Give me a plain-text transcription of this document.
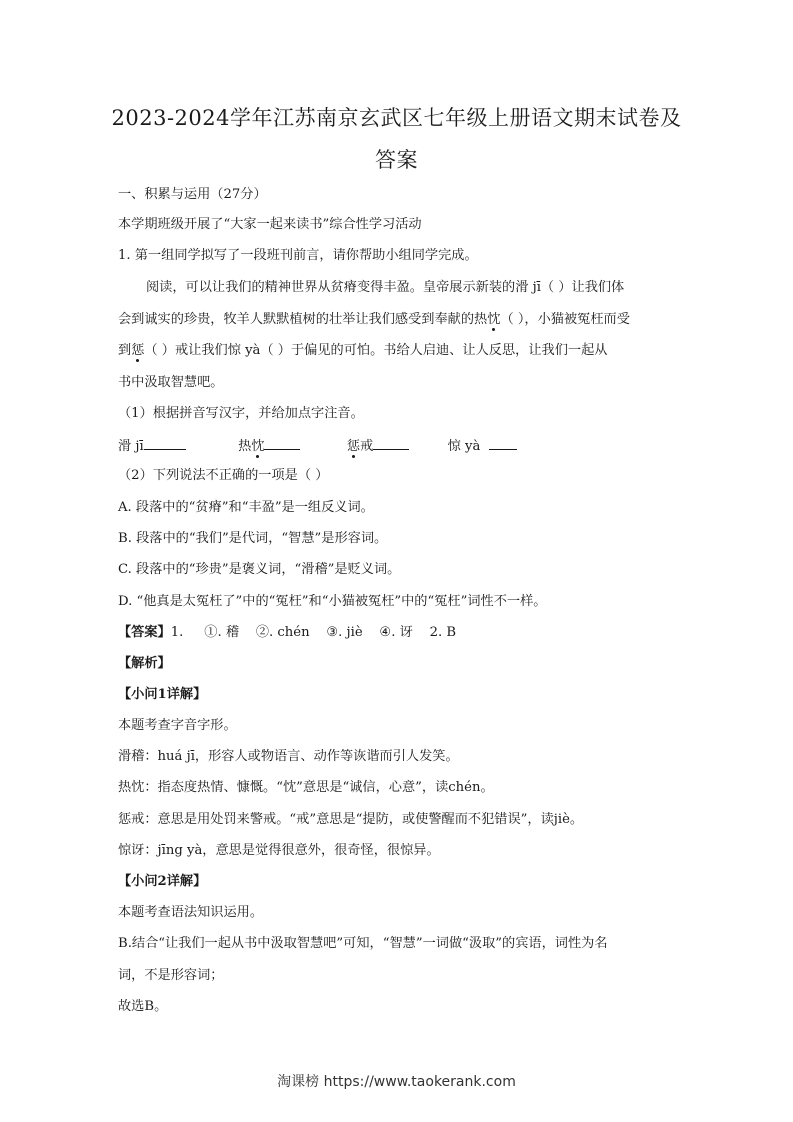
2023-2024学年江苏南京玄武区七年级上册语文期末试卷及
答案
一、积累与运用（27分）
本学期班级开展了“大家一起来读书”综合性学习活动
1. 第一组同学拟写了一段班刊前言，请你帮助小组同学完成。
阅读，可以让我们的精神世界从贫瘠变得丰盈。皇帝展示新装的滑 jī（ ）让我们体
会到诚实的珍贵，牧羊人默默植树的壮举让我们感受到奉献的热忱（ ），小猫被冤枉而受
到惩（ ）戒让我们惊 yà（ ）于偏见的可怕。书给人启迪、让人反思，让我们一起从
书中汲取智慧吧。
（1）根据拼音写汉字，并给加点字注音。
滑 jī	热忱	惩戒	惊 yà
（2）下列说法不正确的一项是（ ）
A. 段落中的“贫瘠”和“丰盈”是一组反义词。
B. 段落中的“我们”是代词，“智慧”是形容词。
C. 段落中的“珍贵”是褒义词，“滑稽”是贬义词。
D. “他真是太冤枉了”中的“冤枉”和“小猫被冤枉”中的“冤枉”词性不一样。
【答案】1.     ①. 稽    ②. chén    ③. jiè    ④. 讶    2. B
【解析】
【小问1详解】
本题考查字音字形。
滑稽：huá jī，形容人或物语言、动作等诙谐而引人发笑。
热忱：指态度热情、慷慨。“忱”意思是“诚信，心意”，读chén。
惩戒：意思是用处罚来警戒。“戒”意思是“提防，或使警醒而不犯错误”，读jiè。
惊讶：jīng yà，意思是觉得很意外，很奇怪，很惊异。
【小问2详解】
本题考查语法知识运用。
B.结合“让我们一起从书中汲取智慧吧”可知，“智慧”一词做“汲取”的宾语，词性为名
词，不是形容词；
故选B。
淘课榜 https://www.taokerank.com
